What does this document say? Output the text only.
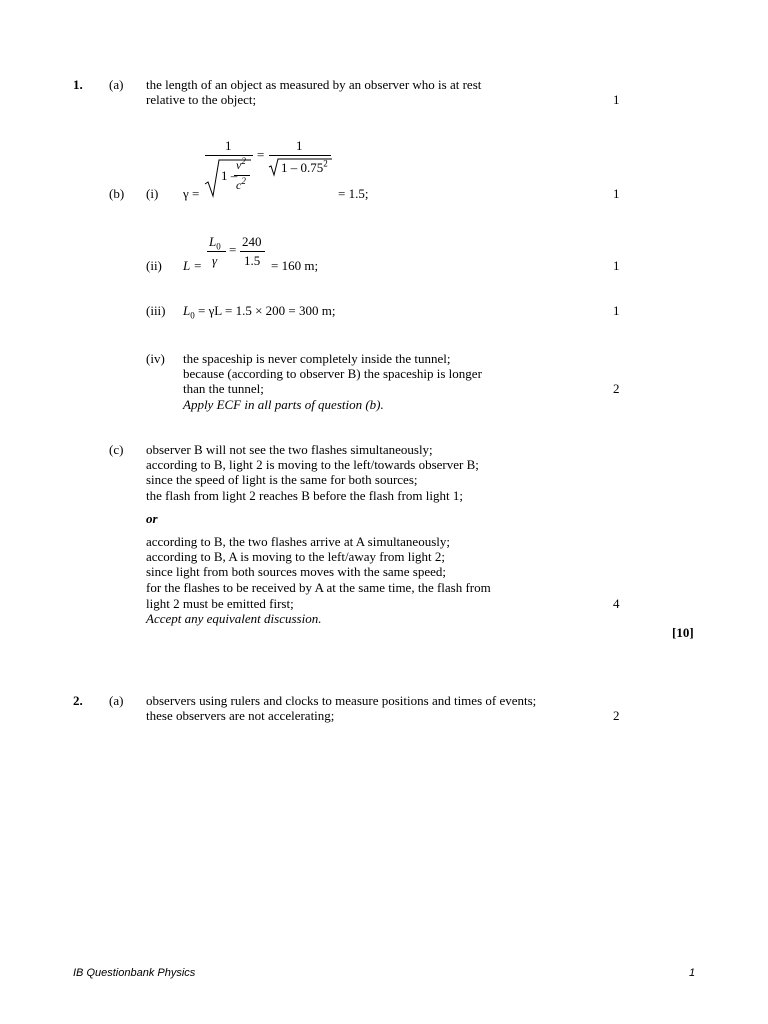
1. (a) the length of an object as measured by an observer who is at rest
relative to the object;	1
1
=
1
1 –
$v^2$
$c^2$
1 – 0.75$^2$
(b) (i) γ =	= 1.5;	1
$L_0$
γ
=
240
1.5
(ii) L =	= 160 m;	1
(iii) $L_0 = \gamma L = 1.5 \times 200 = 300$ m;	1
(iv) the spaceship is never completely inside the tunnel;
because (according to observer B) the spaceship is longer
than the tunnel;	2
Apply ECF in all parts of question (b).
(c) observer B will not see the two flashes simultaneously;
according to B, light 2 is moving to the left/towards observer B;
since the speed of light is the same for both sources;
the flash from light 2 reaches B before the flash from light 1;
or
according to B, the two flashes arrive at A simultaneously;
according to B, A is moving to the left/away from light 2;
since light from both sources moves with the same speed;
for the flashes to be received by A at the same time, the flash from
light 2 must be emitted first;	4
Accept any equivalent discussion.
[10]
2. (a) observers using rulers and clocks to measure positions and times of events;
these observers are not accelerating;	2
IB Questionbank Physics	1
